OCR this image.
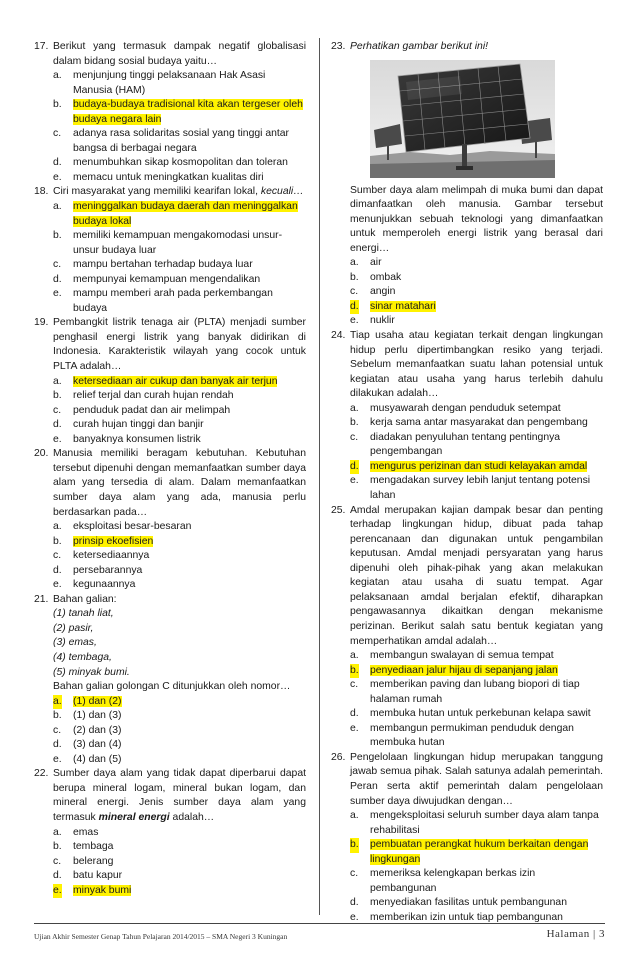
17. Berikut yang termasuk dampak negatif globalisasi dalam bidang sosial budaya yaitu…
a. menjunjung tinggi pelaksanaan Hak Asasi Manusia (HAM)
b. budaya-budaya tradisional kita akan tergeser oleh budaya negara lain
c. adanya rasa solidaritas sosial yang tinggi antar bangsa di berbagai negara
d. menumbuhkan sikap kosmopolitan dan toleran
e. memacu untuk meningkatkan kualitas diri
18. Ciri masyarakat yang memiliki kearifan lokal, kecuali…
a. meninggalkan budaya daerah dan meninggalkan budaya lokal
b. memiliki kemampuan mengakomodasi unsur-unsur budaya luar
c. mampu bertahan terhadap budaya luar
d. mempunyai kemampuan mengendalikan
e. mampu memberi arah pada perkembangan budaya
19. Pembangkit listrik tenaga air (PLTA) menjadi sumber penghasil energi listrik yang banyak didirikan di Indonesia. Karakteristik wilayah yang cocok untuk PLTA adalah…
a. ketersediaan air cukup dan banyak air terjun
b. relief terjal dan curah hujan rendah
c. penduduk padat dan air melimpah
d. curah hujan tinggi dan banjir
e. banyaknya konsumen listrik
20. Manusia memiliki beragam kebutuhan. Kebutuhan tersebut dipenuhi dengan memanfaatkan sumber daya alam yang tersedia di alam. Dalam memanfaatkan sumber daya alam yang ada, manusia perlu berdasarkan pada…
a. eksploitasi besar-besaran
b. prinsip ekoefisien
c. ketersediaannya
d. persebarannya
e. kegunaannya
21. Bahan galian:
(1) tanah liat,
(2) pasir,
(3) emas,
(4) tembaga,
(5) minyak bumi.
Bahan galian golongan C ditunjukkan oleh nomor…
a. (1) dan (2)
b. (1) dan (3)
c. (2) dan (3)
d. (3) dan (4)
e. (4) dan (5)
22. Sumber daya alam yang tidak dapat diperbarui dapat berupa mineral logam, mineral bukan logam, dan mineral energi. Jenis sumber daya alam yang termasuk mineral energi adalah…
a. emas
b. tembaga
c. belerang
d. batu kapur
e. minyak bumi
23. Perhatikan gambar berikut ini!
Sumber daya alam melimpah di muka bumi dan dapat dimanfaatkan oleh manusia. Gambar tersebut menunjukkan sebuah teknologi yang dimanfaatkan untuk memperoleh energi listrik yang berasal dari energi…
a. air
b. ombak
c. angin
d. sinar matahari
e. nuklir
24. Tiap usaha atau kegiatan terkait dengan lingkungan hidup perlu dipertimbangkan resiko yang terjadi. Sebelum memanfaatkan suatu lahan potensial untuk kegiatan atau usaha yang harus terlebih dahulu dilakukan adalah…
a. musyawarah dengan penduduk setempat
b. kerja sama antar masyarakat dan pengembang
c. diadakan penyuluhan tentang pentingnya pengembangan
d. mengurus perizinan dan studi kelayakan amdal
e. mengadakan survey lebih lanjut tentang potensi lahan
25. Amdal merupakan kajian dampak besar dan penting terhadap lingkungan hidup, dibuat pada tahap perencanaan dan digunakan untuk pengambilan keputusan. Amdal menjadi persyaratan yang harus dipenuhi oleh pihak-pihak yang akan melakukan kegiatan atau usaha di suatu tempat. Agar pelaksanaan amdal berjalan efektif, diharapkan pengawasannya dikaitkan dengan mekanisme perizinan. Berikut salah satu bentuk kegiatan yang memperhatikan amdal adalah…
a. membangun swalayan di semua tempat
b. penyediaan jalur hijau di sepanjang jalan
c. memberikan paving dan lubang biopori di tiap halaman rumah
d. membuka hutan untuk perkebunan kelapa sawit
e. membangun permukiman penduduk dengan membuka hutan
26. Pengelolaan lingkungan hidup merupakan tanggung jawab semua pihak. Salah satunya adalah pemerintah. Peran serta aktif pemerintah dalam pengelolaan sumber daya diwujudkan dengan…
a. mengeksploitasi seluruh sumber daya alam tanpa rehabilitasi
b. pembuatan perangkat hukum berkaitan dengan lingkungan
c. memeriksa kelengkapan berkas izin pembangunan
d. menyediakan fasilitas untuk pembangunan
e. memberikan izin untuk tiap pembangunan
Ujian Akhir Semester Genap Tahun Pelajaran 2014/2015 – SMA Negeri 3 Kuningan	Halaman | 3
